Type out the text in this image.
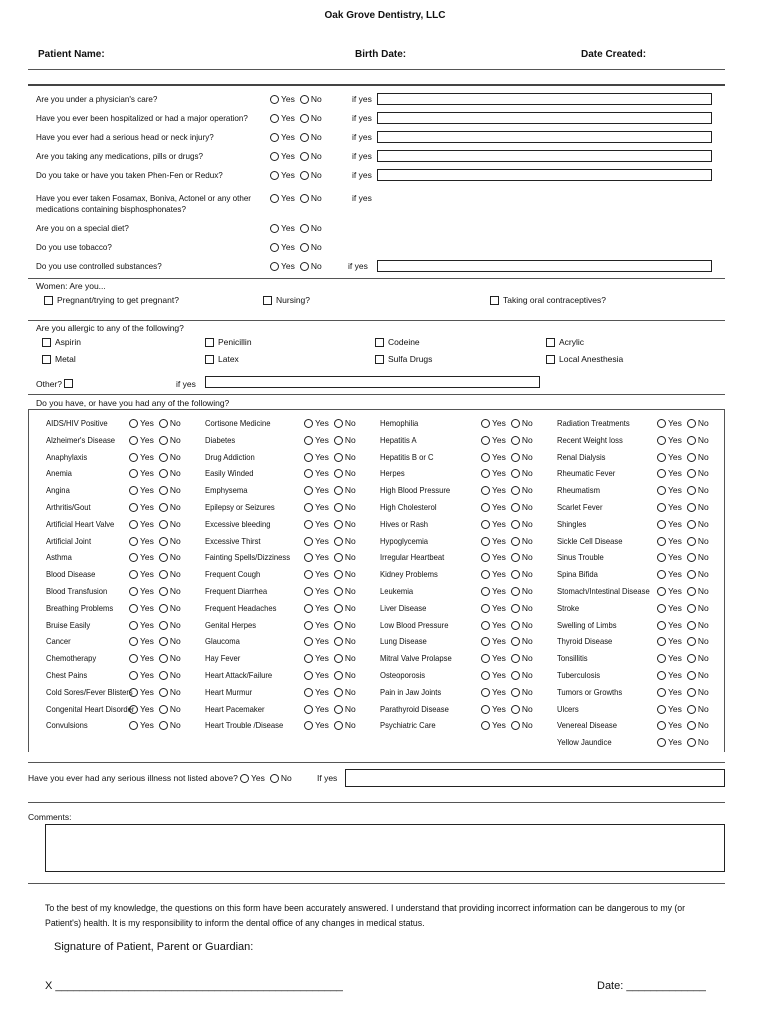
Oak Grove Dentistry, LLC
Patient Name:	Birth Date:	Date Created:
Are you under a physician's care?	Yes No	if yes
Have you ever been hospitalized or had a major operation?	Yes No	if yes
Have you ever had a serious head or neck injury?	Yes No	if yes
Are you taking any medications, pills or drugs?	Yes No	if yes
Do you take or have you taken Phen-Fen or Redux?	Yes No	if yes
Have you ever taken Fosamax, Boniva, Actonel or any other medications containing bisphosphonates?
Yes No	if yes
Are you on a special diet?	Yes No
Do you use tobacco?	Yes No
Do you use controlled substances?	Yes No	if yes
Women: Are you...
Pregnant/trying to get pregnant?	Nursing?	Taking oral contraceptives?
Are you allergic to any of the following?
Aspirin	Penicillin	Codeine	Acrylic
Metal	Latex	Sulfa Drugs	Local Anesthesia
Other?	if yes
Do you have, or have you had any of the following?
AIDS/HIV Positive	Yes No
Alzheimer's Disease	Yes No
Anaphylaxis	Yes No
Anemia	Yes No
Angina	Yes No
Arthritis/Gout	Yes No
Artificial Heart Valve	Yes No
Artificial Joint	Yes No
Asthma	Yes No
Blood Disease	Yes No
Blood Transfusion	Yes No
Breathing Problems	Yes No
Bruise Easily	Yes No
Cancer	Yes No
Chemotherapy	Yes No
Chest Pains	Yes No
Cold Sores/Fever Blisters Yes No
Congenital Heart Disorder Yes No
Convulsions	Yes No
Cortisone Medicine	Yes No
Diabetes	Yes No
Drug Addiction	Yes No
Easily Winded	Yes No
Emphysema	Yes No
Epilepsy or Seizures	Yes No
Excessive bleeding	Yes No
Excessive Thirst	Yes No
Fainting Spells/Dizziness	Yes No
Frequent Cough	Yes No
Frequent Diarrhea	Yes No
Frequent Headaches	Yes No
Genital Herpes	Yes No
Glaucoma	Yes No
Hay Fever	Yes No
Heart Attack/Failure	Yes No
Heart Murmur	Yes No
Heart Pacemaker	Yes No
Heart Trouble /Disease	Yes No
Hemophilia	Yes No
Hepatitis A	Yes No
Hepatitis B or C	Yes No
Herpes	Yes No
High Blood Pressure	Yes No
High Cholesterol	Yes No
Hives or Rash	Yes No
Hypoglycemia	Yes No
Irregular Heartbeat	Yes No
Kidney Problems	Yes No
Leukemia	Yes No
Liver Disease	Yes No
Low Blood Pressure	Yes No
Lung Disease	Yes No
Mitral Valve Prolapse	Yes No
Osteoporosis	Yes No
Pain in Jaw Joints	Yes No
Parathyroid Disease	Yes No
Psychiatric Care	Yes No
Radiation Treatments	Yes No
Recent Weight loss	Yes No
Renal Dialysis	Yes No
Rheumatic Fever	Yes No
Rheumatism	Yes No
Scarlet Fever	Yes No
Shingles	Yes No
Sickle Cell Disease	Yes No
Sinus Trouble	Yes No
Spina Bifida	Yes No
Stomach/Intestinal Disease	Yes No
Stroke	Yes No
Swelling of Limbs	Yes No
Thyroid Disease	Yes No
Tonsillitis	Yes No
Tuberculosis	Yes No
Tumors or Growths	Yes No
Ulcers	Yes No
Venereal Disease	Yes No
Yellow Jaundice	Yes No
Have you ever had any serious illness not listed above?	Yes No	If yes
Comments:
To the best of my knowledge, the questions on this form have been accurately answered. I understand that providing incorrect information can be dangerous to my (or Patient's) health. It is my responsibility to inform the dental office of any changes in medical status.
Signature of Patient, Parent or Guardian:
X _______________________________________________	Date: _____________
